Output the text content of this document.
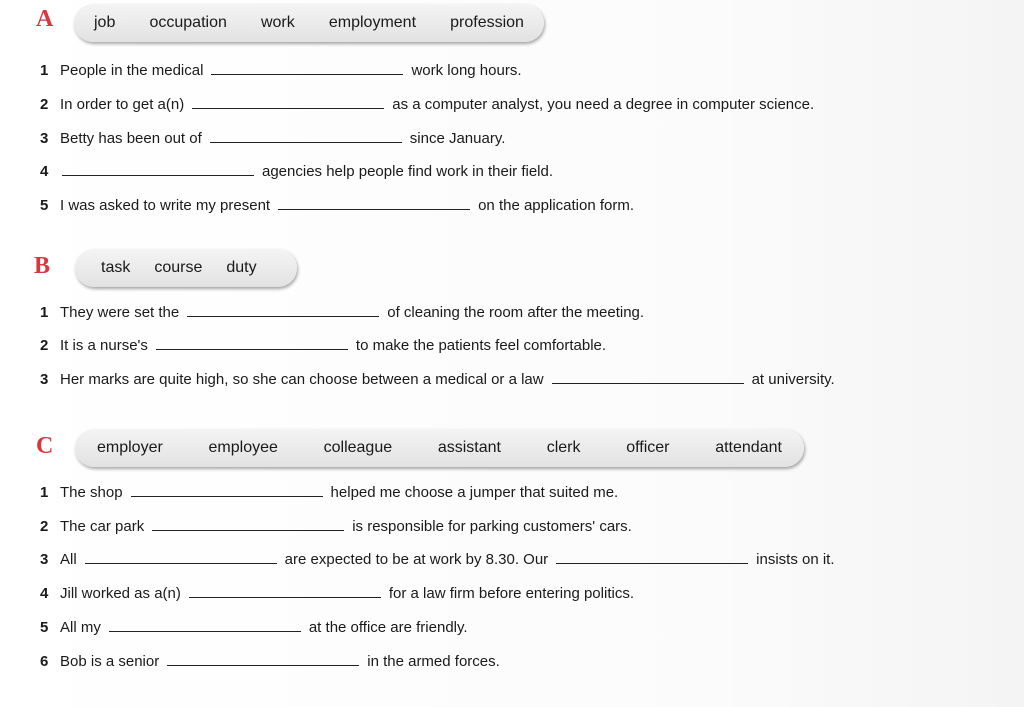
A	job occupation work employment profession
1 People in the medical	work long hours.
2 In order to get a(n)	as a computer analyst, you need a degree in computer science.
3 Betty has been out of	since January.
4	agencies help people find work in their field.
5 I was asked to write my present	on the application form.
B	task course duty
1 They were set the	of cleaning the room after the meeting.
2 It is a nurse's	to make the patients feel comfortable.
3 Her marks are quite high, so she can choose between a medical or a law	at university.
C	employer	employee	colleague	assistant	clerk	officer	attendant
1 The shop	helped me choose a jumper that suited me.
2 The car park	is responsible for parking customers' cars.
3 All	are expected to be at work by 8.30. Our	insists on it.
4 Jill worked as a(n)	for a law firm before entering politics.
5 All my	at the office are friendly.
6 Bob is a senior	in the armed forces.
